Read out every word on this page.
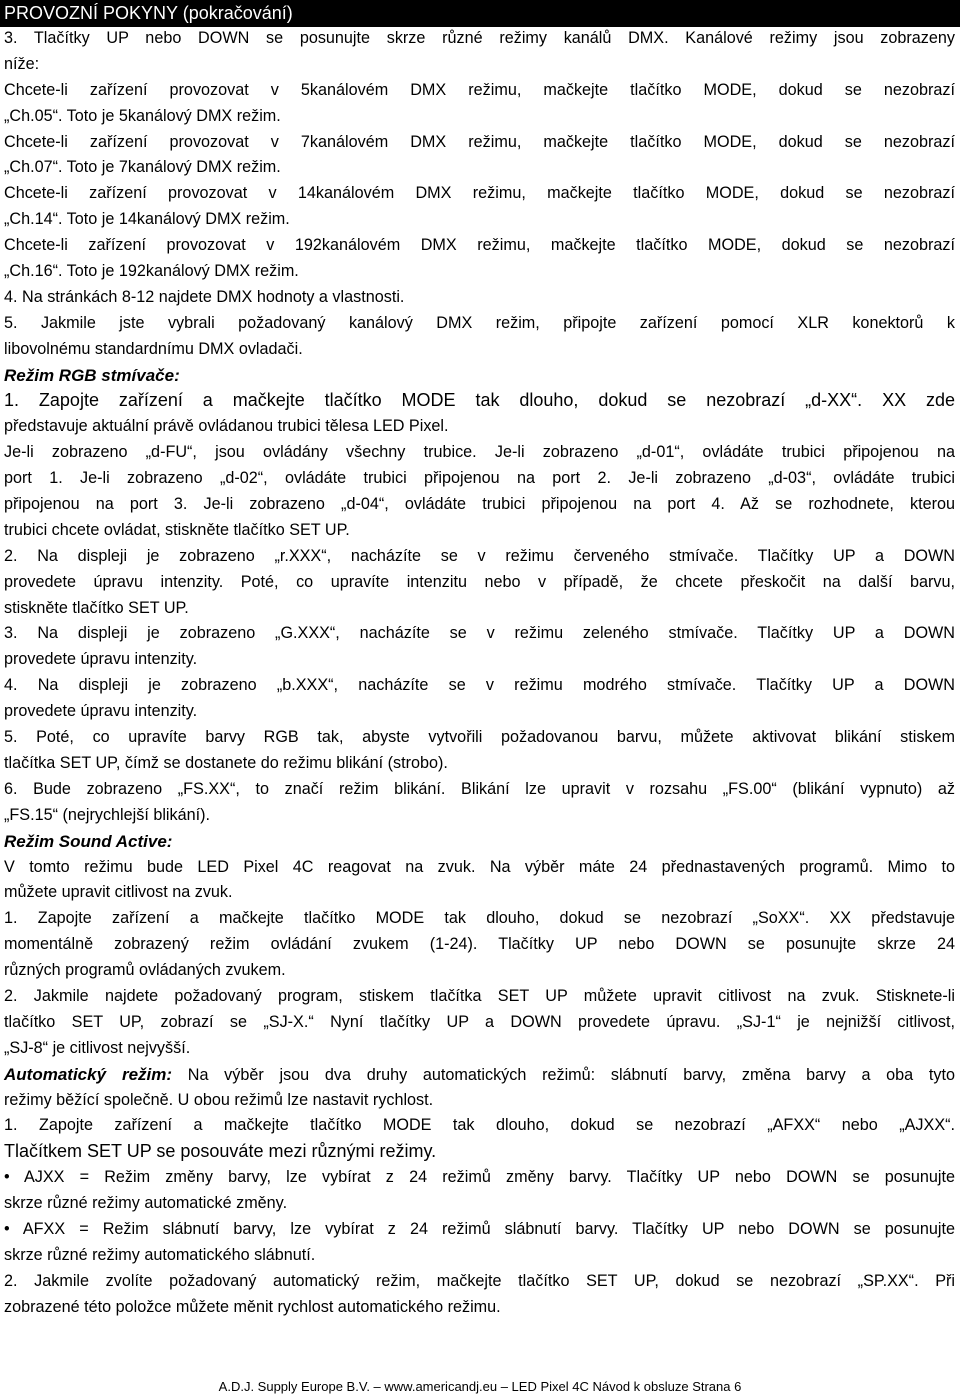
PROVOZNÍ POKYNY (pokračování)
3. Tlačítky UP nebo DOWN se posunujte skrze různé režimy kanálů DMX. Kanálové režimy jsou zobrazeny
níže:
Chcete-li zařízení provozovat v 5kanálovém DMX režimu, mačkejte tlačítko MODE, dokud se nezobrazí
„Ch.05“. Toto je 5kanálový DMX režim.
Chcete-li zařízení provozovat v 7kanálovém DMX režimu, mačkejte tlačítko MODE, dokud se nezobrazí
„Ch.07“. Toto je 7kanálový DMX režim.
Chcete-li zařízení provozovat v 14kanálovém DMX režimu, mačkejte tlačítko MODE, dokud se nezobrazí
„Ch.14“. Toto je 14kanálový DMX režim.
Chcete-li zařízení provozovat v 192kanálovém DMX režimu, mačkejte tlačítko MODE, dokud se nezobrazí
„Ch.16“. Toto je 192kanálový DMX režim.
4. Na stránkách 8-12 najdete DMX hodnoty a vlastnosti.
5. Jakmile jste vybrali požadovaný kanálový DMX režim, připojte zařízení pomocí XLR konektorů k
libovolnému standardnímu DMX ovladači.
Režim RGB stmívače:
1. Zapojte zařízení a mačkejte tlačítko MODE tak dlouho, dokud se nezobrazí „d-XX“. XX zde
představuje aktuální právě ovládanou trubici tělesa LED Pixel.
Je-li zobrazeno „d-FU“, jsou ovládány všechny trubice. Je-li zobrazeno „d-01“, ovládáte trubici připojenou na
port 1. Je-li zobrazeno „d-02“, ovládáte trubici připojenou na port 2. Je-li zobrazeno „d-03“, ovládáte trubici
připojenou na port 3. Je-li zobrazeno „d-04“, ovládáte trubici připojenou na port 4. Až se rozhodnete, kterou
trubici chcete ovládat, stiskněte tlačítko SET UP.
2. Na displeji je zobrazeno „r.XXX“, nacházíte se v režimu červeného stmívače. Tlačítky UP a DOWN
provedete úpravu intenzity. Poté, co upravíte intenzitu nebo v případě, že chcete přeskočit na další barvu,
stiskněte tlačítko SET UP.
3. Na displeji je zobrazeno „G.XXX“, nacházíte se v režimu zeleného stmívače. Tlačítky UP a DOWN
provedete úpravu intenzity.
4. Na displeji je zobrazeno „b.XXX“, nacházíte se v režimu modrého stmívače. Tlačítky UP a DOWN
provedete úpravu intenzity.
5. Poté, co upravíte barvy RGB tak, abyste vytvořili požadovanou barvu, můžete aktivovat blikání stiskem
tlačítka SET UP, čímž se dostanete do režimu blikání (strobo).
6. Bude zobrazeno „FS.XX“, to značí režim blikání. Blikání lze upravit v rozsahu „FS.00“ (blikání vypnuto) až
„FS.15“ (nejrychlejší blikání).
Režim Sound Active:
V tomto režimu bude LED Pixel 4C reagovat na zvuk. Na výběr máte 24 přednastavených programů. Mimo to
můžete upravit citlivost na zvuk.
1. Zapojte zařízení a mačkejte tlačítko MODE tak dlouho, dokud se nezobrazí „SoXX“. XX představuje
momentálně zobrazený režim ovládání zvukem (1-24). Tlačítky UP nebo DOWN se posunujte skrze 24
různých programů ovládaných zvukem.
2. Jakmile najdete požadovaný program, stiskem tlačítka SET UP můžete upravit citlivost na zvuk. Stisknete-li
tlačítko SET UP, zobrazí se „SJ-X.“ Nyní tlačítky UP a DOWN provedete úpravu. „SJ-1“ je nejnižší citlivost,
„SJ-8“ je citlivost nejvyšší.
Automatický režim: Na výběr jsou dva druhy automatických režimů: slábnutí barvy, změna barvy a oba tyto
režimy běžící společně. U obou režimů lze nastavit rychlost.
1. Zapojte zařízení a mačkejte tlačítko MODE tak dlouho, dokud se nezobrazí „AFXX“ nebo „AJXX“.
Tlačítkem SET UP se posouváte mezi různými režimy.
• AJXX = Režim změny barvy, lze vybírat z 24 režimů změny barvy. Tlačítky UP nebo DOWN se posunujte
skrze různé režimy automatické změny.
• AFXX = Režim slábnutí barvy, lze vybírat z 24 režimů slábnutí barvy. Tlačítky UP nebo DOWN se posunujte
skrze různé režimy automatického slábnutí.
2. Jakmile zvolíte požadovaný automatický režim, mačkejte tlačítko SET UP, dokud se nezobrazí „SP.XX“. Při
zobrazené této položce můžete měnit rychlost automatického režimu.
A.D.J. Supply Europe B.V. – www.americandj.eu – LED Pixel 4C Návod k obsluze Strana 6
